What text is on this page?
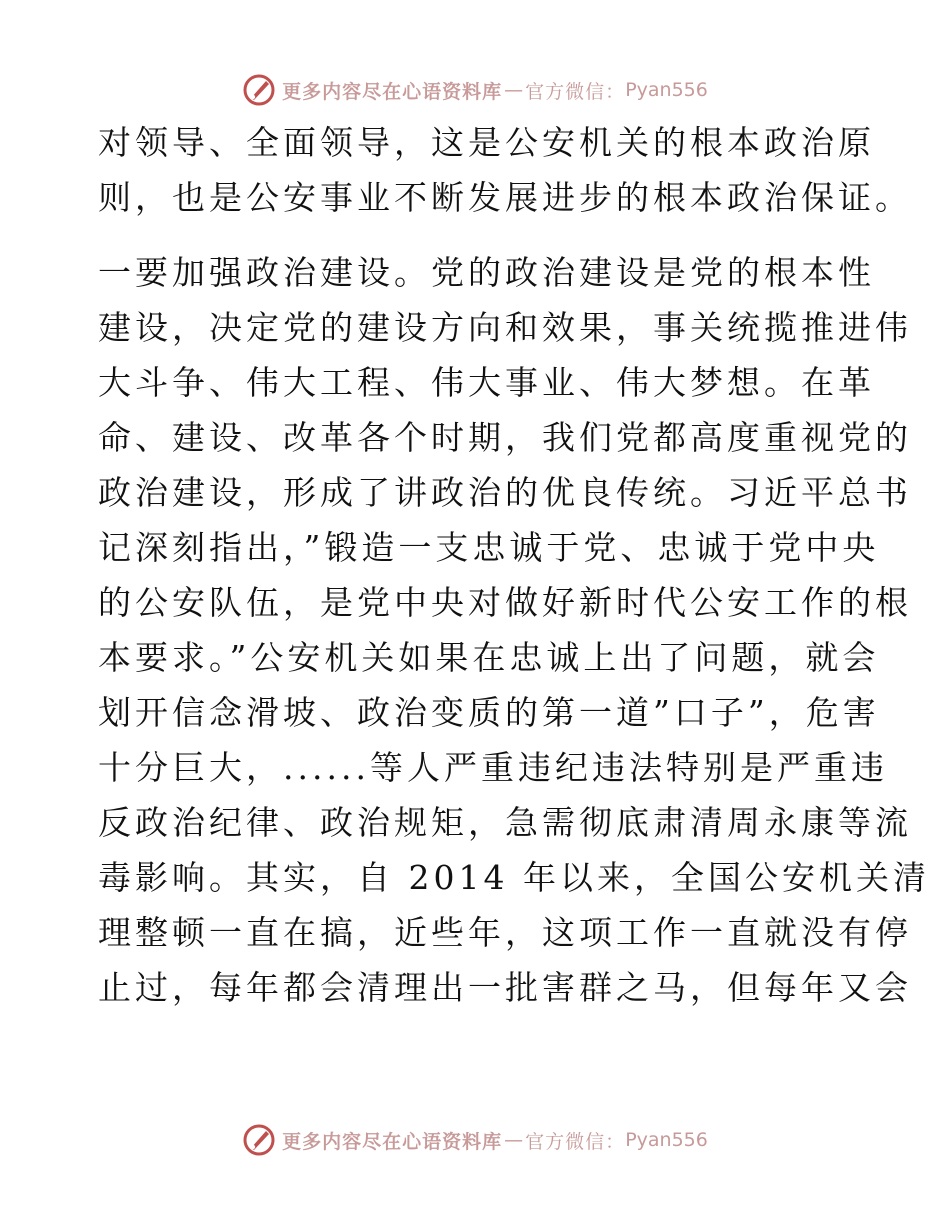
更多内容尽在心语资料库 — 官方微信： Pyan556
对领导、全面领导，这是公安机关的根本政治原
则，也是公安事业不断发展进步的根本政治保证。
一要加强政治建设。党的政治建设是党的根本性
建设，决定党的建设方向和效果，事关统揽推进伟
大斗争、伟大工程、伟大事业、伟大梦想。在革
命、建设、改革各个时期，我们党都高度重视党的
政治建设，形成了讲政治的优良传统。习近平总书
记深刻指出，”锻造一支忠诚于党、忠诚于党中央
的公安队伍，是党中央对做好新时代公安工作的根
本要求。”公安机关如果在忠诚上出了问题，就会
划开信念滑坡、政治变质的第一道”口子”，危害
十分巨大，......等人严重违纪违法特别是严重违
反政治纪律、政治规矩，急需彻底肃清周永康等流
毒影响。其实，自 2014 年以来，全国公安机关清
理整顿一直在搞，近些年，这项工作一直就没有停
止过，每年都会清理出一批害群之马，但每年又会
更多内容尽在心语资料库 — 官方微信： Pyan556
